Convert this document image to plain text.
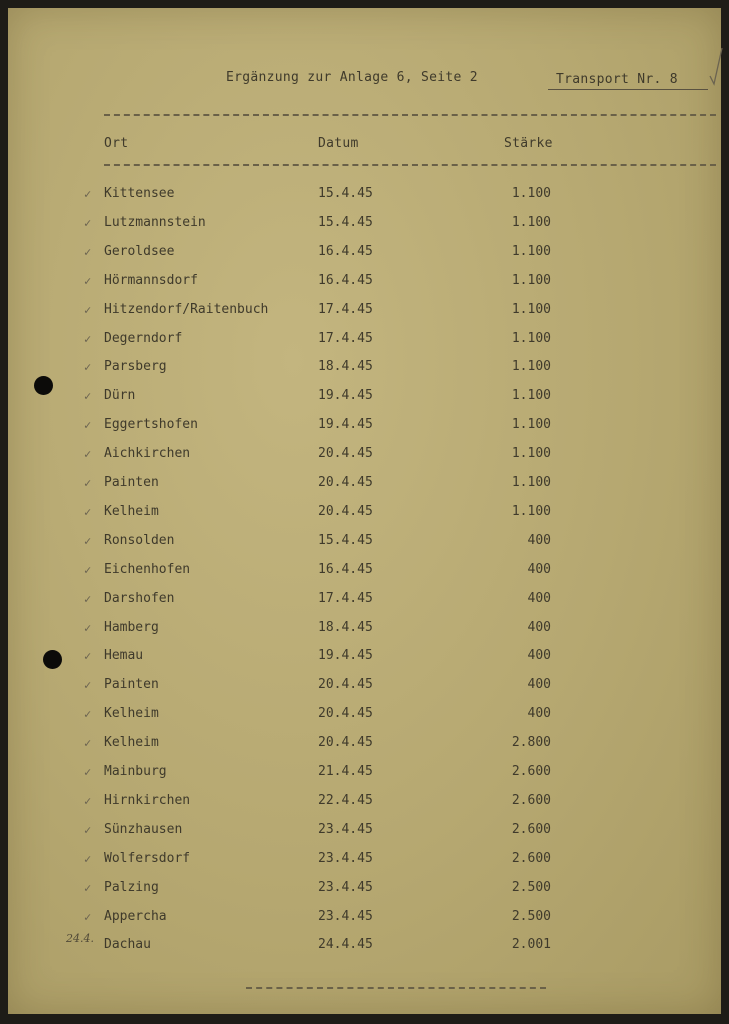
Ergänzung zur Anlage 6, Seite 2	Transport Nr. 8
Ort	Datum	Stärke
✓ Kittensee	15.4.45	1.100
✓ Lutzmannstein	15.4.45	1.100
✓ Geroldsee	16.4.45	1.100
✓ Hörmannsdorf	16.4.45	1.100
✓ Hitzendorf/Raitenbuch	17.4.45	1.100
✓ Degerndorf	17.4.45	1.100
✓ Parsberg	18.4.45	1.100
✓ Dürn	19.4.45	1.100
✓ Eggertshofen	19.4.45	1.100
✓ Aichkirchen	20.4.45	1.100
✓ Painten	20.4.45	1.100
✓ Kelheim	20.4.45	1.100
✓ Ronsolden	15.4.45	400
✓ Eichenhofen	16.4.45	400
✓ Darshofen	17.4.45	400
✓ Hamberg	18.4.45	400
✓ Hemau	19.4.45	400
✓ Painten	20.4.45	400
✓ Kelheim	20.4.45	400
✓ Kelheim	20.4.45	2.800
✓ Mainburg	21.4.45	2.600
✓ Hirnkirchen	22.4.45	2.600
✓ Sünzhausen	23.4.45	2.600
✓ Wolfersdorf	23.4.45	2.600
✓ Palzing	23.4.45	2.500
✓ Appercha	23.4.45	2.500
Dachau	24.4.45	2.001
24.4.
